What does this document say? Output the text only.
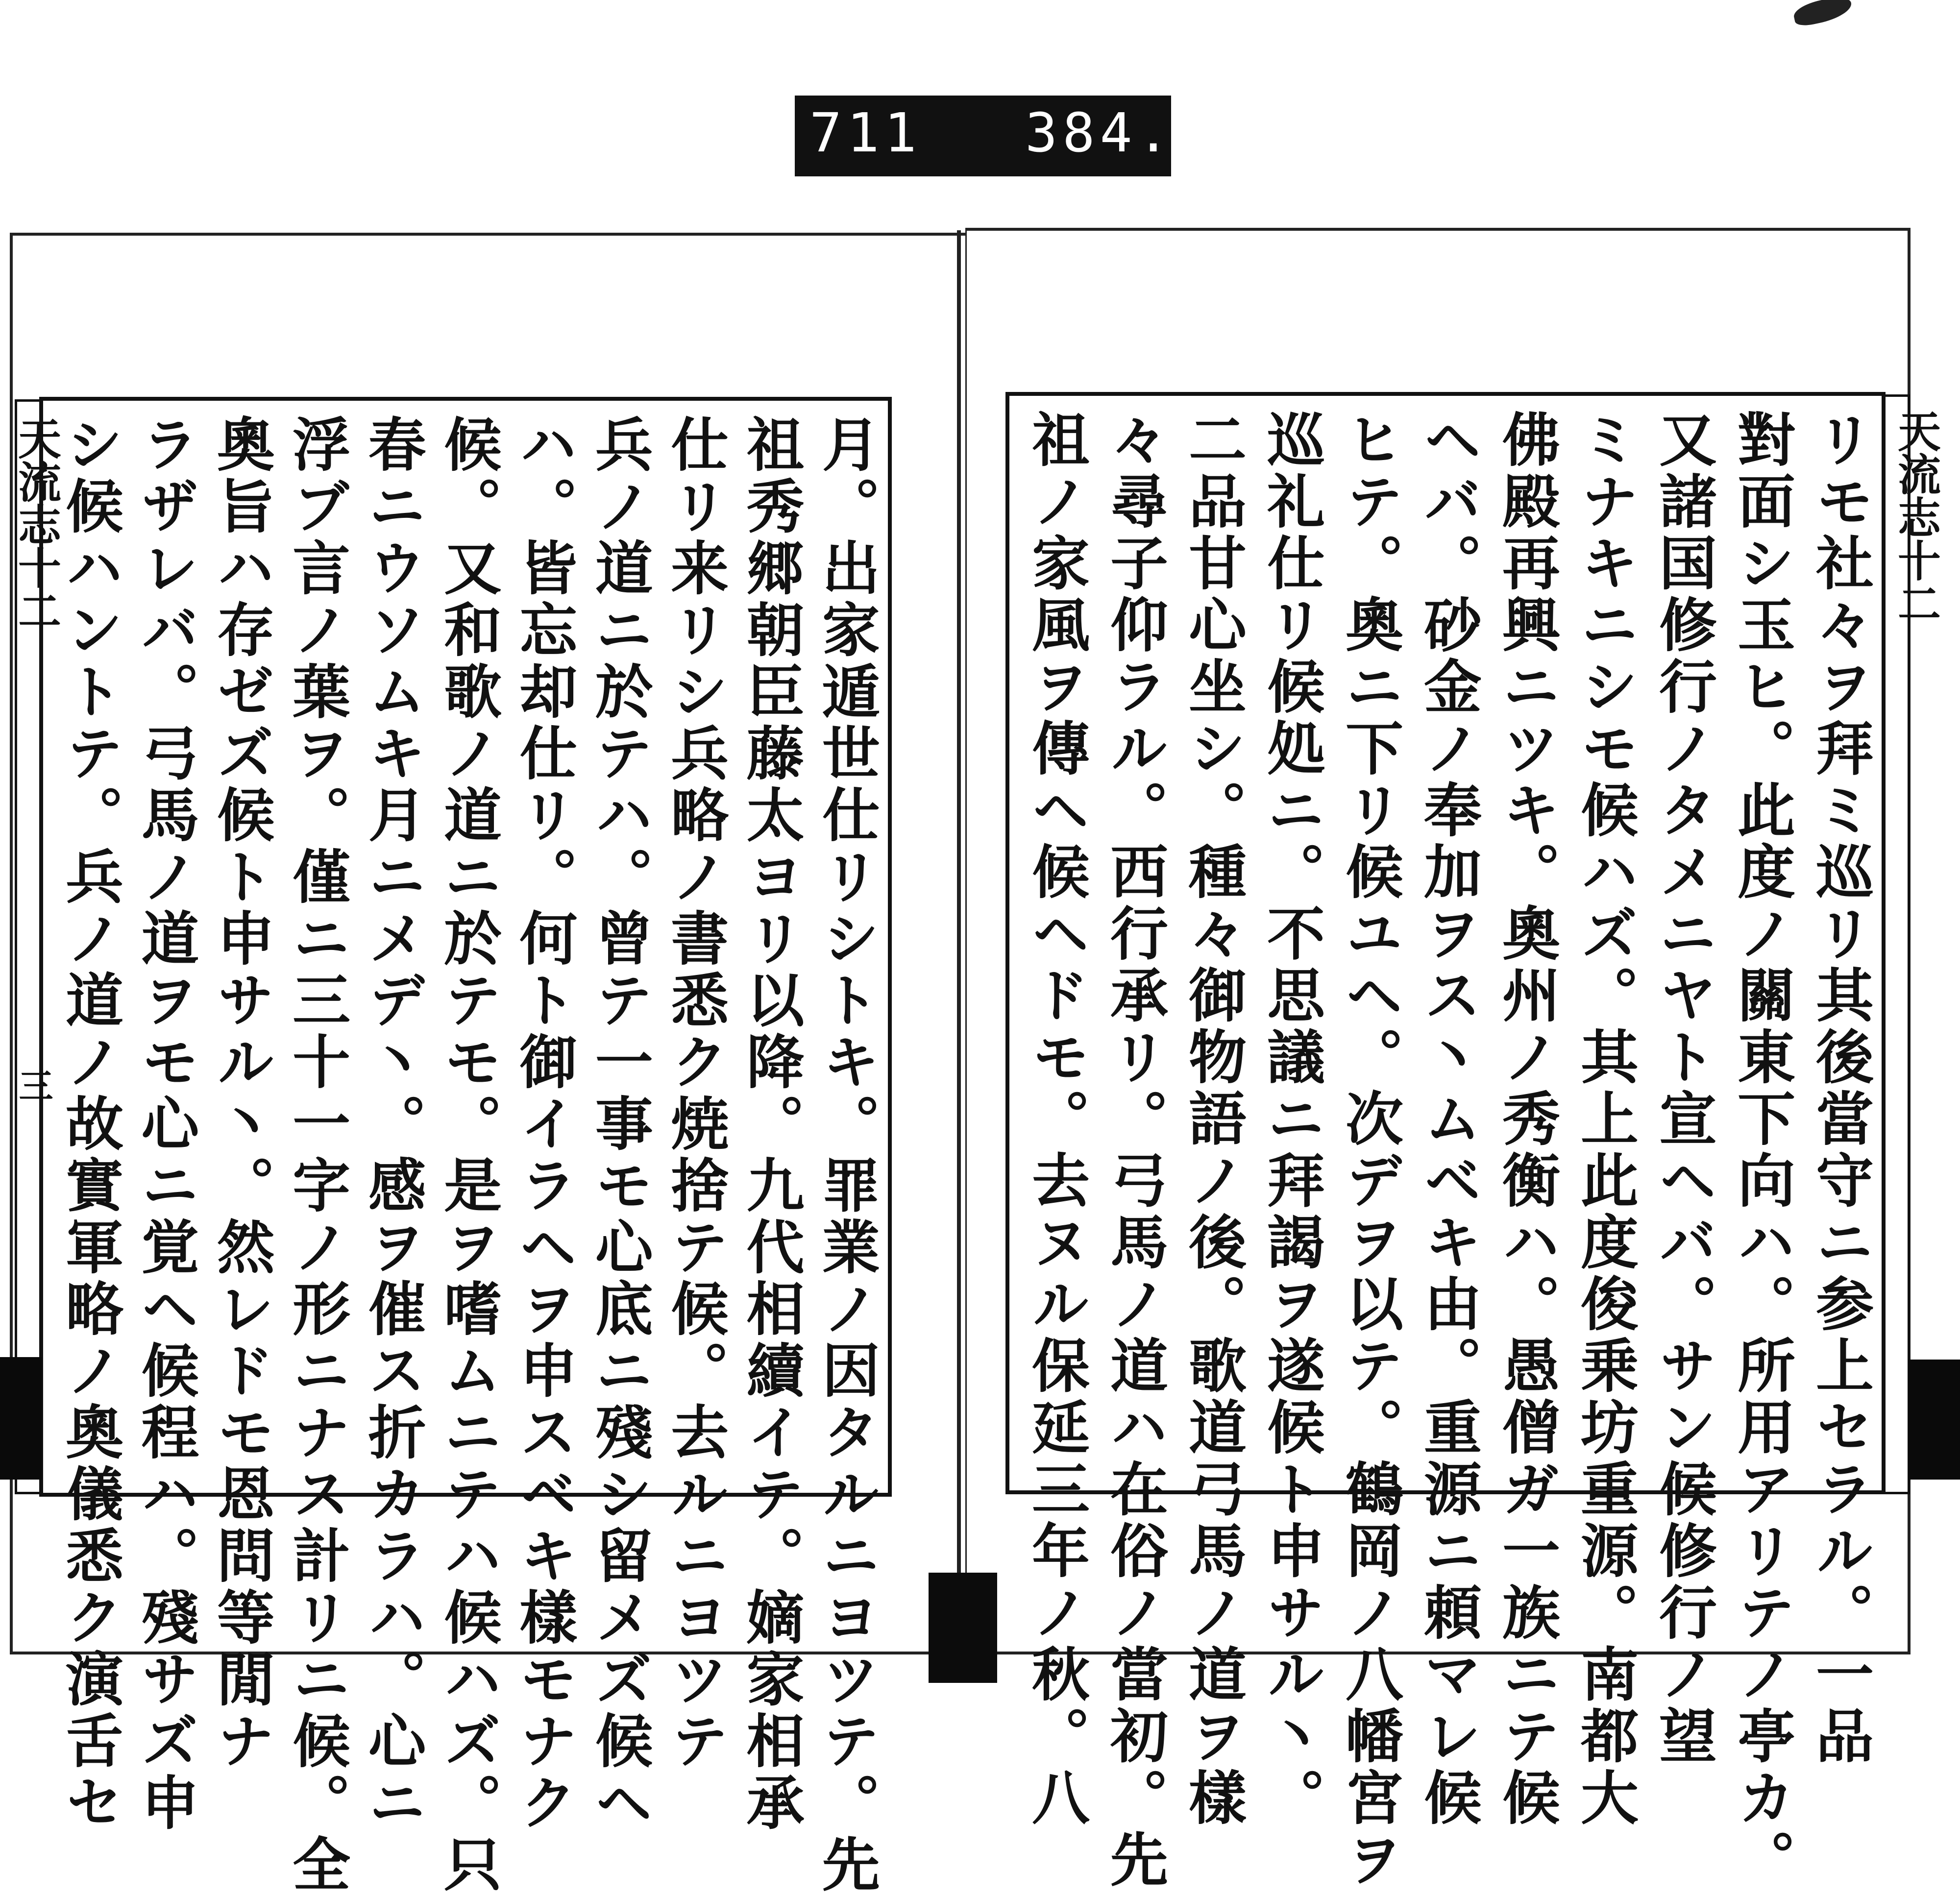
711 384.
天流志十二
三
天流志十二
月。出家遁世仕リシトキ。罪業ノ因タルニヨツテ。先
祖秀郷朝臣藤太ヨリ以降。九代相續イテ。嫡家相承
仕リ来リシ兵略ノ書悉ク焼捨テ候。去ルニヨツテ
兵ノ道ニ於テハ。曾テ一事モ心底ニ殘シ留メズ候ヘ
ハ。皆忘却仕リ。何ト御イラヘヲ申スベキ樣モナク
候。又和歌ノ道ニ於テモ。是ヲ嗜ムニテハ候ハズ。只
春ニウソムキ月ニメデ丶。感ヲ催ス折カラハ。心ニ
浮ブ言ノ葉ヲ。僅ニ三十一字ノ形ニナス計リニ候。全
奧旨ハ存ゼズ候ト申サル丶。然レドモ恩問等閒ナ
ラザレバ。弓馬ノ道ヲモ心ニ覚ヘ候程ハ。殘サズ申
シ候ハントテ。兵ノ道ノ故實軍略ノ奧儀悉ク演舌セ	リモ社々ヲ拜ミ巡リ其後當守ニ参上セラル。一品
對面シ玉ヒ。此度ノ關東下向ハ。所用アリテノ𠅘カ。
又諸国修行ノタメニヤト宣ヘバ。サン候修行ノ望
ミナキニシモ候ハズ。其上此度俊乗坊重源。南都大
佛殿再興ニツキ。奧州ノ秀衡ハ。愚僧ガ一族ニテ候
ヘバ。砂金ノ奉加ヲス丶ムベキ由。重源ニ頼マレ候
ヒテ。奧ニ下リ候ユヘ。次デヲ以テ。鶴岡ノ八幡宮ヲ
巡礼仕リ候処ニ。不思議ニ拜謁ヲ遂候ト申サル丶。
二品甘心坐シ。種々御物語ノ後。歌道弓馬ノ道ヲ樣
々尋子仰ラル。西行承リ。弓馬ノ道ハ在俗ノ當初。先
祖ノ家風ヲ傳ヘ候ヘドモ。去ヌル保延三年ノ秋。八
